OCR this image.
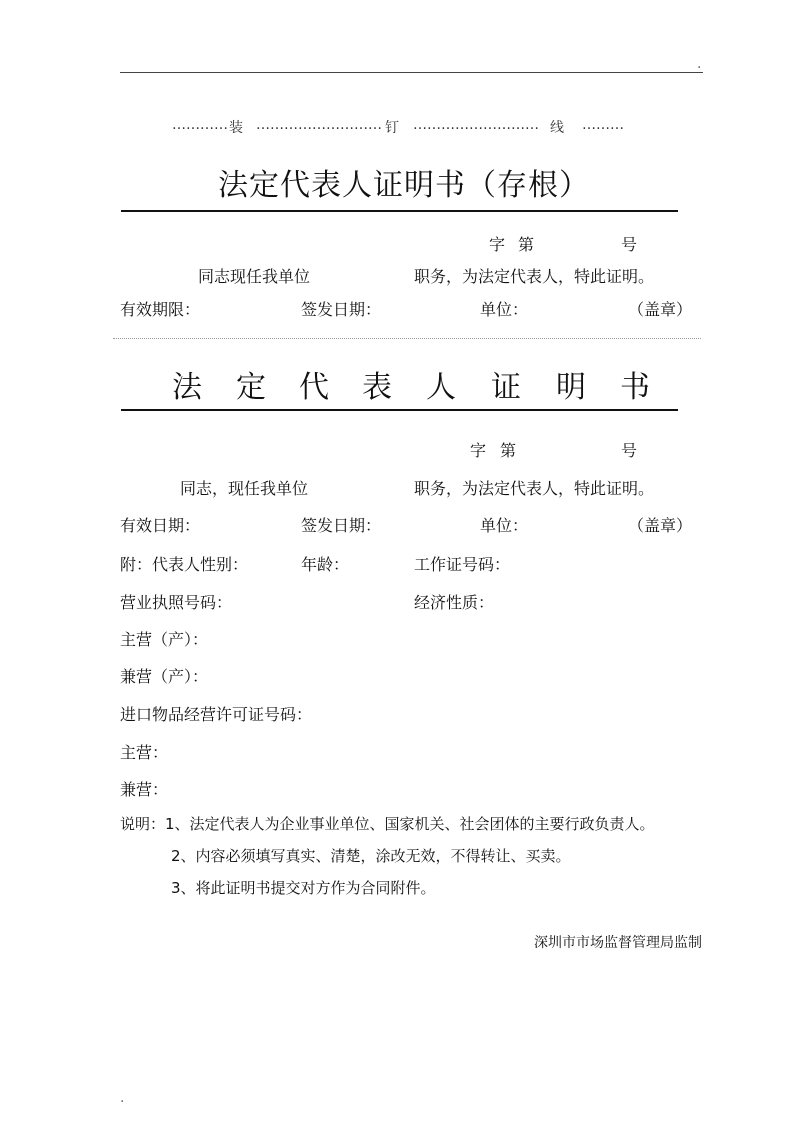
.
………… 装 ……………………… 钉 ……………………… 线 ………
法定代表人证明书（存根）
字 第	号
同志现任我单位	职务，为法定代表人，特此证明。
有效期限：	签发日期：	单位：	（盖章）
法 定 代 表 人 证 明 书
字 第	号
同志，现任我单位	职务，为法定代表人，特此证明。
有效日期：	签发日期：	单位：	（盖章）
附：代表人性别：	年龄：	工作证号码：
营业执照号码：	经济性质：
主营（产）：
兼营（产）：
进口物品经营许可证号码：
主营：
兼营：
说明：1、法定代表人为企业事业单位、国家机关、社会团体的主要行政负责人。
2、内容必须填写真实、清楚，涂改无效，不得转让、买卖。
3、将此证明书提交对方作为合同附件。
深圳市市场监督管理局监制
.
